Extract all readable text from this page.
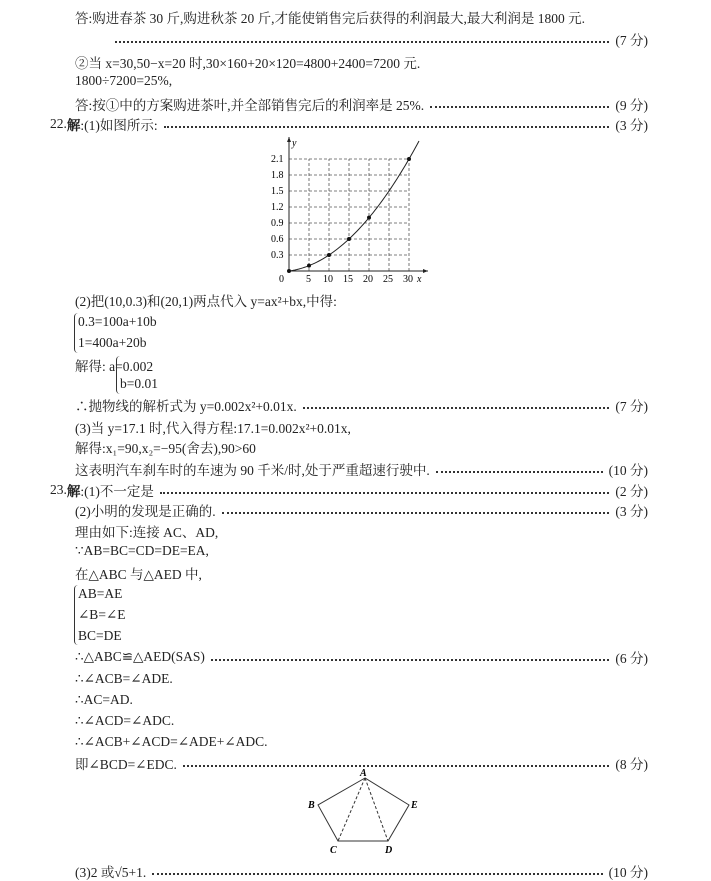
答:购进春茶 30 斤,购进秋茶 20 斤,才能使销售完后获得的利润最大,最大利润是 1800 元.
(7 分)
②当 x=30,50−x=20 时,30×160+20×120=4800+2400=7200 元.
1800÷7200=25%,
答:按①中的方案购进茶叶,并全部销售完后的利润率是 25%.	(9 分)
22. 解 :(1)如图所示:	(3 分)
(2)把(10,0.3)和(20,1)两点代入 y=ax²+bx,中得:
0.3=100a+10b
1=400a+20b
解得: a=0.002
b=0.01
∴抛物线的解析式为 y=0.002x²+0.01x.	(7 分)
(3)当 y=17.1 时,代入得方程:17.1=0.002x²+0.01x,
解得:x₁=90,x₂=−95(舍去),90>60
这表明汽车刹车时的车速为 90 千米/时,处于严重超速行驶中.	(10 分)
23. 解 :(1)不一定是	(2 分)
(2)小明的发现是正确的.	(3 分)
理由如下:连接 AC、AD,
∵AB=BC=CD=DE=EA,
在△ABC 与△AED 中,
AB=AE
∠B=∠E
BC=DE
∴△ABC≌△AED(SAS)	(6 分)
∴∠ACB=∠ADE.
∴AC=AD.
∴∠ACD=∠ADC.
∴∠ACB+∠ACD=∠ADE+∠ADC.
即∠BCD=∠EDC.	(8 分)
(3)2 或√5+1.	(10 分)
5 10 15 20 25 30
0.3
0.6
0.9
1.2
1.5
1.8
2.1
y
x
0
A
B
C	D
E
